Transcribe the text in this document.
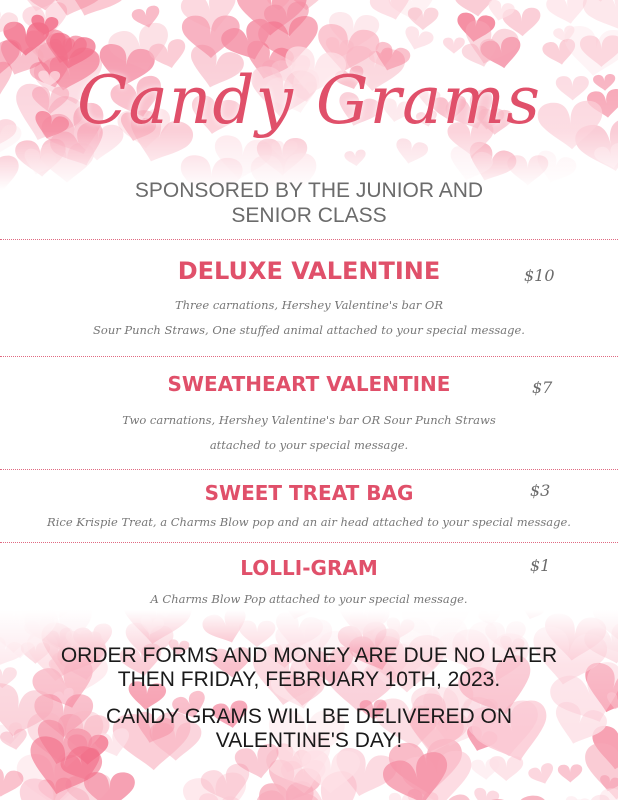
Candy Grams
SPONSORED BY THE JUNIOR AND
SENIOR CLASS
DELUXE VALENTINE	$10
Three carnations, Hershey Valentine's bar OR
Sour Punch Straws, One stuffed animal attached to your special message.
SWEATHEART VALENTINE	$7
Two carnations, Hershey Valentine's bar OR Sour Punch Straws
attached to your special message.
SWEET TREAT BAG	$3
Rice Krispie Treat, a Charms Blow pop and an air head attached to your special message.
LOLLI-GRAM	$1
A Charms Blow Pop attached to your special message.
ORDER FORMS AND MONEY ARE DUE NO LATER
THEN FRIDAY, FEBRUARY 10TH, 2023.
CANDY GRAMS WILL BE DELIVERED ON
VALENTINE'S DAY!
